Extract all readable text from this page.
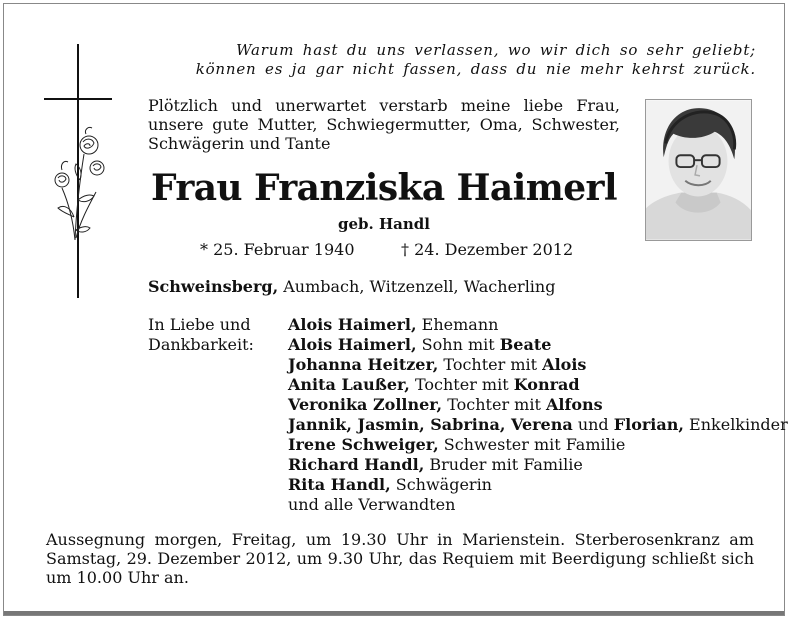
Warum hast du uns verlassen, wo wir dich so sehr geliebt;
können es ja gar nicht fassen, dass du nie mehr kehrst zurück.
Plötzlich und unerwartet verstarb meine liebe Frau, unsere gute Mutter, Schwiegermutter, Oma, Schwester, Schwägerin und Tante
Frau Franziska Haimerl
geb. Handl
* 25. Februar 1940	† 24. Dezember 2012
Schweinsberg, Aumbach, Witzenzell, Wacherling
In Liebe und
Dankbarkeit:
Alois Haimerl, Ehemann
Alois Haimerl, Sohn mit Beate
Johanna Heitzer, Tochter mit Alois
Anita Laußer, Tochter mit Konrad
Veronika Zollner, Tochter mit Alfons
Jannik, Jasmin, Sabrina, Verena und Florian, Enkelkinder
Irene Schweiger, Schwester mit Familie
Richard Handl, Bruder mit Familie
Rita Handl, Schwägerin
und alle Verwandten
Aussegnung morgen, Freitag, um 19.30 Uhr in Marienstein. Sterberosenkranz am Samstag, 29. Dezember 2012, um 9.30 Uhr, das Requiem mit Beerdigung schließt sich um 10.00 Uhr an.
